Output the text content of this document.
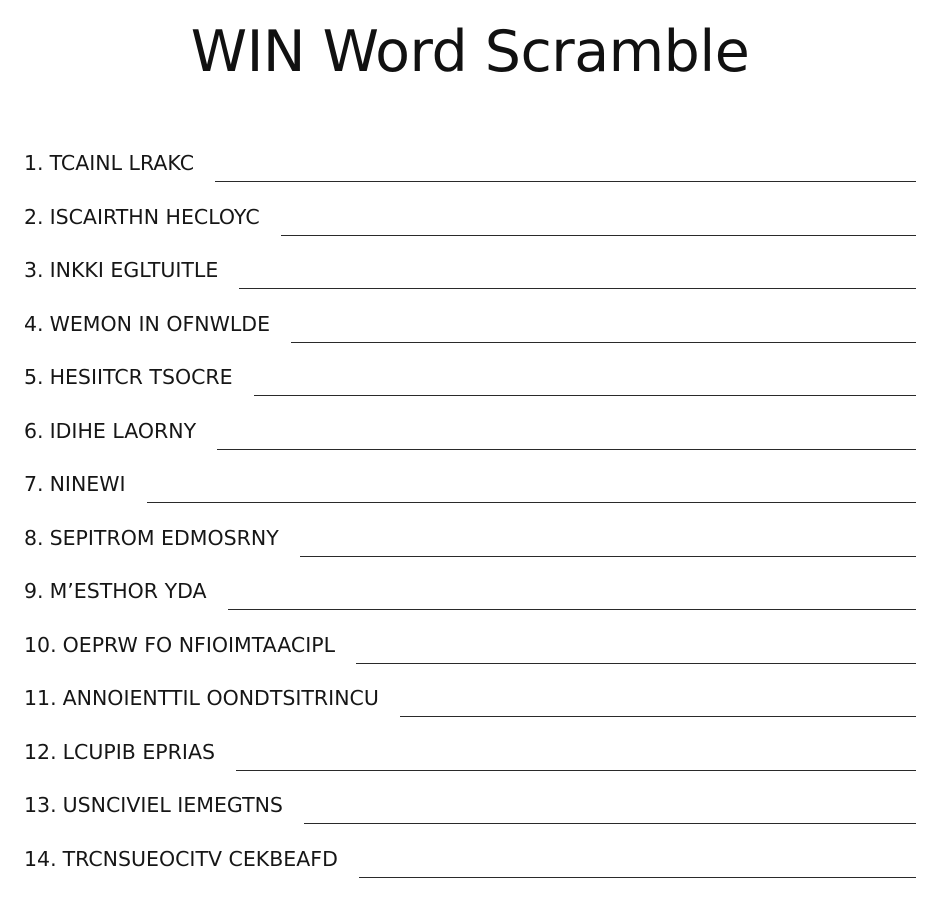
WIN Word Scramble
1. TCAINL LRAKC
2. ISCAIRTHN HECLOYC
3. INKKI EGLTUITLE
4. WEMON IN OFNWLDE
5. HESIITCR TSOCRE
6. IDIHE LAORNY
7. NINEWI
8. SEPITROM EDMOSRNY
9. M’ESTHOR YDA
10. OEPRW FO NFIOIMTAACIPL
11. ANNOIENTTIL OONDTSITRINCU
12. LCUPIB EPRIAS
13. USNCIVIEL IEMEGTNS
14. TRCNSUEOCITV CEKBEAFD
